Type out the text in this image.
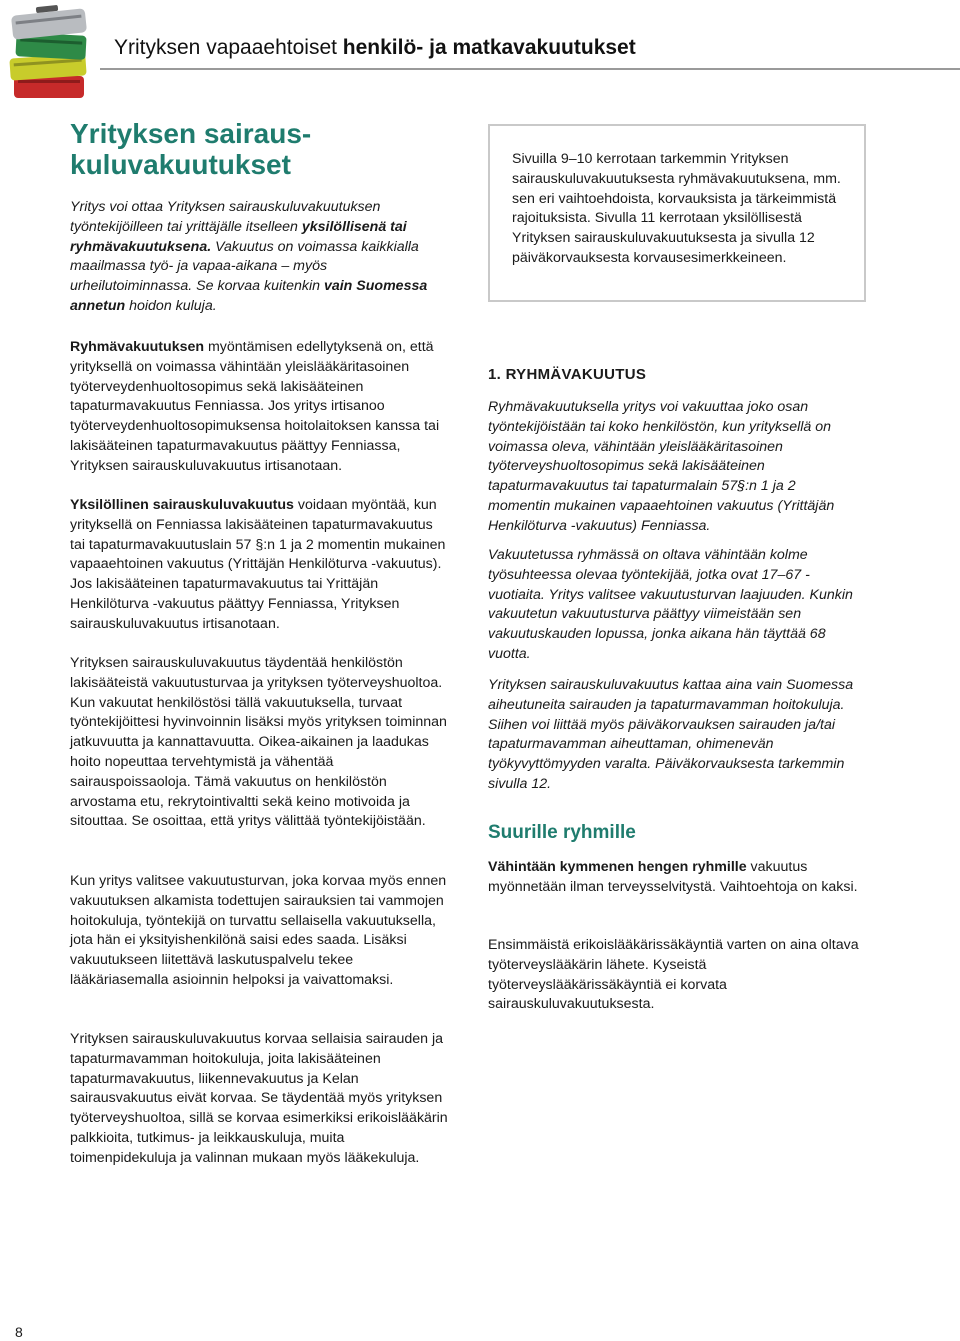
Yrityksen vapaaehtoiset henkilö- ja matkavakuutukset
Yrityksen sairaus-kuluvakuutukset

Yritys voi ottaa Yrityksen sairauskuluvakuutuksen työntekijöilleen tai yrittäjälle itselleen yksilöllisenä tai ryhmävakuutuksena. Vakuutus on voimassa kaikkialla maailmassa työ- ja vapaa-aikana – myös urheilutoiminnassa. Se korvaa kuitenkin vain Suomessa annetun hoidon kuluja.

Ryhmävakuutuksen myöntämisen edellytyksenä on, että yrityksellä on voimassa vähintään yleislääkäritasoinen työterveydenhuoltosopimus sekä lakisääteinen tapaturmavakuutus Fenniassa. Jos yritys irtisanoo työterveydenhuoltosopimuksensa hoitolaitoksen kanssa tai lakisääteinen tapaturmavakuutus päättyy Fenniassa, Yrityksen sairauskuluvakuutus irtisanotaan.

Yksilöllinen sairauskuluvakuutus voidaan myöntää, kun yrityksellä on Fenniassa lakisääteinen tapaturmavakuutus tai tapaturmavakuutuslain 57 §:n 1 ja 2 momentin mukainen vapaaehtoinen vakuutus (Yrittäjän Henkilöturva -vakuutus). Jos lakisääteinen tapaturmavakuutus tai Yrittäjän Henkilöturva -vakuutus päättyy Fenniassa, Yrityksen sairauskuluvakuutus irtisanotaan.

Yrityksen sairauskuluvakuutus täydentää henkilöstön lakisääteistä vakuutusturvaa ja yrityksen työterveyshuoltoa. Kun vakuutat henkilöstösi tällä vakuutuksella, turvaat työntekijöittesi hyvinvoinnin lisäksi myös yrityksen toiminnan jatkuvuutta ja kannattavuutta. Oikea-aikainen ja laadukas hoito nopeuttaa tervehtymistä ja vähentää sairauspoissaoloja. Tämä vakuutus on henkilöstön arvostama etu, rekrytointivaltti sekä keino motivoida ja sitouttaa. Se osoittaa, että yritys välittää työntekijöistään.

Kun yritys valitsee vakuutusturvan, joka korvaa myös ennen vakuutuksen alkamista todettujen sairauksien tai vammojen hoitokuluja, työntekijä on turvattu sellaisella vakuutuksella, jota hän ei yksityishenkilönä saisi edes saada. Lisäksi vakuutukseen liitettävä laskutuspalvelu tekee lääkäriasemalla asioinnin helpoksi ja vaivattomaksi.

Yrityksen sairauskuluvakuutus korvaa sellaisia sairauden ja tapaturmavamman hoitokuluja, joita lakisääteinen tapaturmavakuutus, liikennevakuutus ja Kelan sairausvakuutus eivät korvaa. Se täydentää myös yrityksen työterveyshuoltoa, sillä se korvaa esimerkiksi erikoislääkärin palkkioita, tutkimus- ja leikkauskuluja, muita toimenpidekuluja ja valinnan mukaan myös lääkekuluja.

Sivuilla 9–10 kerrotaan tarkemmin Yrityksen sairauskuluvakuutuksesta ryhmävakuutuksena, mm. sen eri vaihtoehdoista, korvauksista ja tärkeimmistä rajoituksista. Sivulla 11 kerrotaan yksilöllisestä Yrityksen sairauskuluvakuutuksesta ja sivulla 12 päiväkorvauksesta korvausesimerkkeineen.

1. RYHMÄVAKUUTUS

Ryhmävakuutuksella yritys voi vakuuttaa joko osan työntekijöistään tai koko henkilöstön, kun yrityksellä on voimassa oleva, vähintään yleislääkäritasoinen työterveyshuoltosopimus sekä lakisääteinen tapaturmavakuutus tai tapaturmalain 57§:n 1 ja 2 momentin mukainen vapaaehtoinen vakuutus (Yrittäjän Henkilöturva -vakuutus) Fenniassa.

Vakuutetussa ryhmässä on oltava vähintään kolme työsuhteessa olevaa työntekijää, jotka ovat 17–67 -vuotiaita. Yritys valitsee vakuutusturvan laajuuden. Kunkin vakuutetun vakuutusturva päättyy viimeistään sen vakuutuskauden lopussa, jonka aikana hän täyttää 68 vuotta.

Yrityksen sairauskuluvakuutus kattaa aina vain Suomessa aiheutuneita sairauden ja tapaturmavamman hoitokuluja. Siihen voi liittää myös päiväkorvauksen sairauden ja/tai tapaturmavamman aiheuttaman, ohimenevän työkyvyttömyyden varalta. Päiväkorvauksesta tarkemmin sivulla 12.

Suurille ryhmille

Vähintään kymmenen hengen ryhmille vakuutus myönnetään ilman terveysselvitystä. Vaihtoehtoja on kaksi.

Ensimmäistä erikoislääkärissäkäyntiä varten on aina oltava työterveyslääkärin lähete. Kyseistä työterveyslääkärissäkäyntiä ei korvata sairauskuluvakuutuksesta.

8
